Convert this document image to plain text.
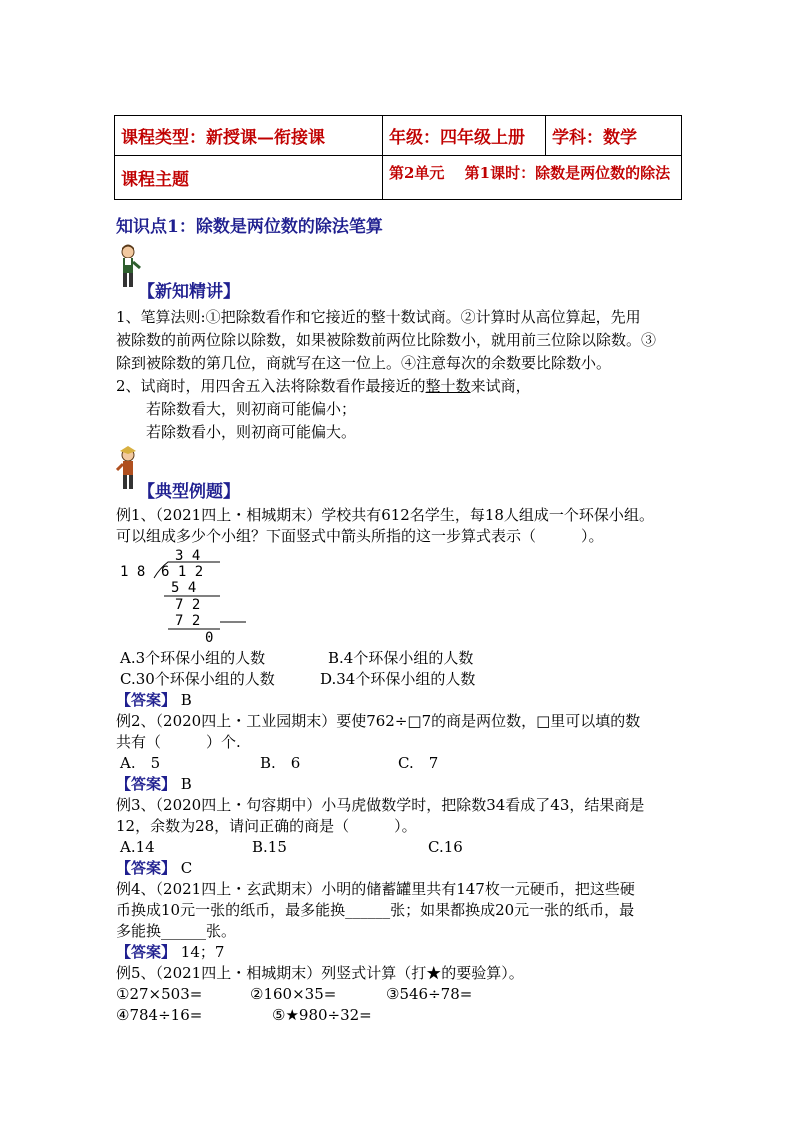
课程类型：新授课—衔接课	年级：四年级上册	学科：数学
课程主题	第2单元　 第1课时：除数是两位数的除法	
知识点1：除数是两位数的除法笔算
【新知精讲】
1、笔算法则:①把除数看作和它接近的整十数试商。②计算时从高位算起，先用
被除数的前两位除以除数，如果被除数前两位比除数小，就用前三位除以除数。③
除到被除数的第几位，商就写在这一位上。④注意每次的余数要比除数小。
2、试商时，用四舍五入法将除数看作最接近的整十数来试商，
若除数看大，则初商可能偏小；
若除数看小，则初商可能偏大。
【典型例题】
例1、（2021四上・相城期末）学校共有612名学生，每18人组成一个环保小组。
可以组成多少个小组？下面竖式中箭头所指的这一步算式表示（　　　）。
3 4
1 8 6 1 2
5 4
7 2
7 2
0
A.3个环保小组的人数	B.4个环保小组的人数
C.30个环保小组的人数	D.34个环保小组的人数
【答案】 B
例2、（2020四上・工业园期末）要使762÷□7的商是两位数，□里可以填的数
共有（　　　）个.
A.　5	B.　6	C.　7
【答案】 B
例3、（2020四上・句容期中）小马虎做数学时，把除数34看成了43，结果商是
12，余数为28，请问正确的商是（　　　）。
A.14	B.15	C.16
【答案】 C
例4、（2021四上・玄武期末）小明的储蓄罐里共有147枚一元硬币，把这些硬
币换成10元一张的纸币，最多能换______张；如果都换成20元一张的纸币，最
多能换______张。
【答案】 14；7
例5、（2021四上・相城期末）列竖式计算（打★的要验算）。
①27×503=	②160×35=	③546÷78=
④784÷16=	⑤★980÷32=
